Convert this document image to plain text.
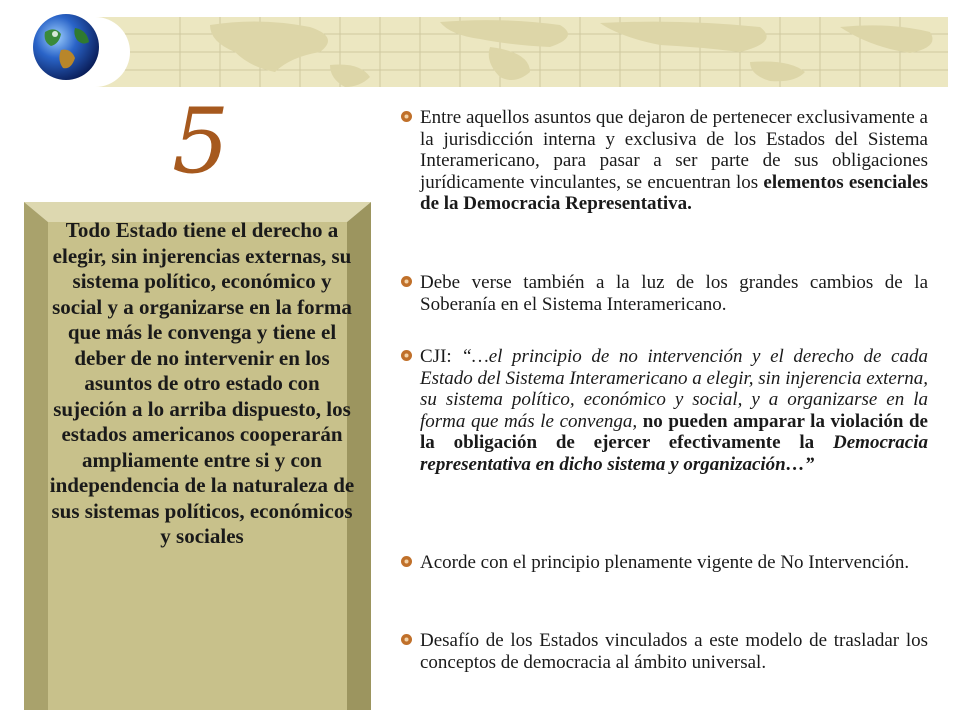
5
Todo Estado tiene el derecho a elegir, sin injerencias externas, su sistema político, económico y social y a organizarse en la forma que más le convenga y tiene el deber de no intervenir en los asuntos de otro estado con sujeción a lo arriba dispuesto, los estados americanos cooperarán ampliamente entre si y con independencia de la naturaleza de sus sistemas políticos, económicos y sociales
Entre aquellos asuntos que dejaron de pertenecer exclusivamente a la jurisdicción interna y exclusiva de los Estados del Sistema Interamericano, para pasar a ser parte de sus obligaciones jurídicamente vinculantes, se encuentran los elementos esenciales de la Democracia Representativa.
Debe verse también a la luz de los grandes cambios de la Soberanía en el Sistema Interamericano.
CJI: “…el principio de no intervención y el derecho de cada Estado del Sistema Interamericano a elegir, sin injerencia externa, su sistema político, económico y social, y a organizarse en la forma que más le convenga, no pueden amparar la violación de la obligación de ejercer efectivamente la Democracia representativa en dicho sistema y organización…”
Acorde con el principio plenamente vigente de No Intervención.
Desafío de los Estados vinculados a este modelo de trasladar los conceptos de democracia al ámbito universal.
